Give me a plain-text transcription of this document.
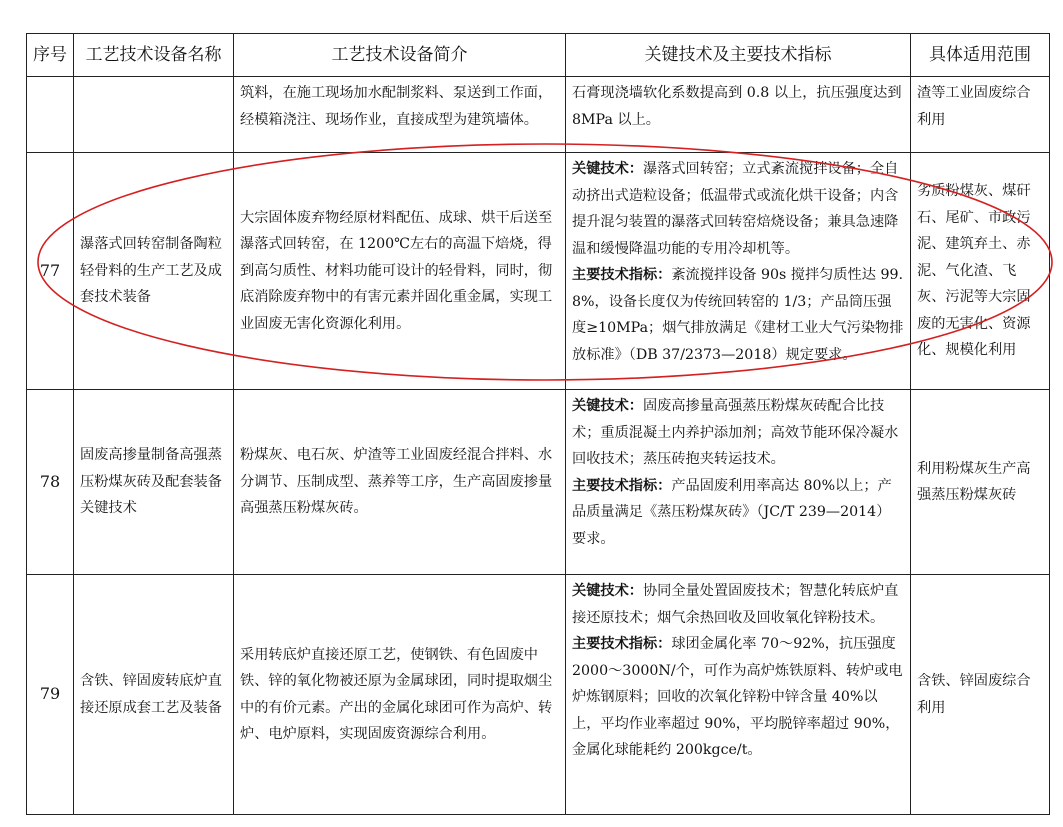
序号	工艺技术设备名称	工艺技术设备简介	关键技术及主要技术指标	具体适用范围
		筑料，在施工现场加水配制浆料、泵送到工作面，经模箱浇注、现场作业，直接成型为建筑墙体。	石膏现浇墙软化系数提高到 0.8 以上，抗压强度达到 8MPa 以上。	渣等工业固废综合利用
77	瀑落式回转窑制备陶粒轻骨料的生产工艺及成套技术装备	大宗固体废弃物经原材料配伍、成球、烘干后送至瀑落式回转窑，在 1200℃左右的高温下焙烧，得到高匀质性、材料功能可设计的轻骨料，同时，彻底消除废弃物中的有害元素并固化重金属，实现工业固废无害化资源化利用。	关键技术：瀑落式回转窑；立式紊流搅拌设备；全自动挤出式造粒设备；低温带式或流化烘干设备；内含提升混匀装置的瀑落式回转窑焙烧设备；兼具急速降温和缓慢降温功能的专用冷却机等。
主要技术指标：紊流搅拌设备 90s 搅拌匀质性达 99.8%，设备长度仅为传统回转窑的 1/3；产品筒压强度≥10MPa；烟气排放满足《建材工业大气污染物排放标准》（DB 37/2373—2018）规定要求。	劣质粉煤灰、煤矸石、尾矿、市政污泥、建筑弃土、赤泥、气化渣、飞灰、污泥等大宗固废的无害化、资源化、规模化利用
78	固废高掺量制备高强蒸压粉煤灰砖及配套装备关键技术	粉煤灰、电石灰、炉渣等工业固废经混合拌料、水分调节、压制成型、蒸养等工序，生产高固废掺量高强蒸压粉煤灰砖。	关键技术：固废高掺量高强蒸压粉煤灰砖配合比技术；重质混凝土内养护添加剂；高效节能环保冷凝水回收技术；蒸压砖抱夹转运技术。
主要技术指标：产品固废利用率高达 80%以上；产品质量满足《蒸压粉煤灰砖》（JC/T 239—2014）要求。	利用粉煤灰生产高强蒸压粉煤灰砖
79	含铁、锌固废转底炉直接还原成套工艺及装备	采用转底炉直接还原工艺，使钢铁、有色固废中铁、锌的氧化物被还原为金属球团，同时提取烟尘中的有价元素。产出的金属化球团可作为高炉、转炉、电炉原料，实现固废资源综合利用。	关键技术：协同全量处置固废技术；智慧化转底炉直接还原技术；烟气余热回收及回收氧化锌粉技术。
主要技术指标：球团金属化率 70～92%，抗压强度 2000～3000N/个，可作为高炉炼铁原料、转炉或电炉炼钢原料；回收的次氧化锌粉中锌含量 40%以上，平均作业率超过 90%，平均脱锌率超过 90%，金属化球能耗约 200kgce/t。	含铁、锌固废综合利用
